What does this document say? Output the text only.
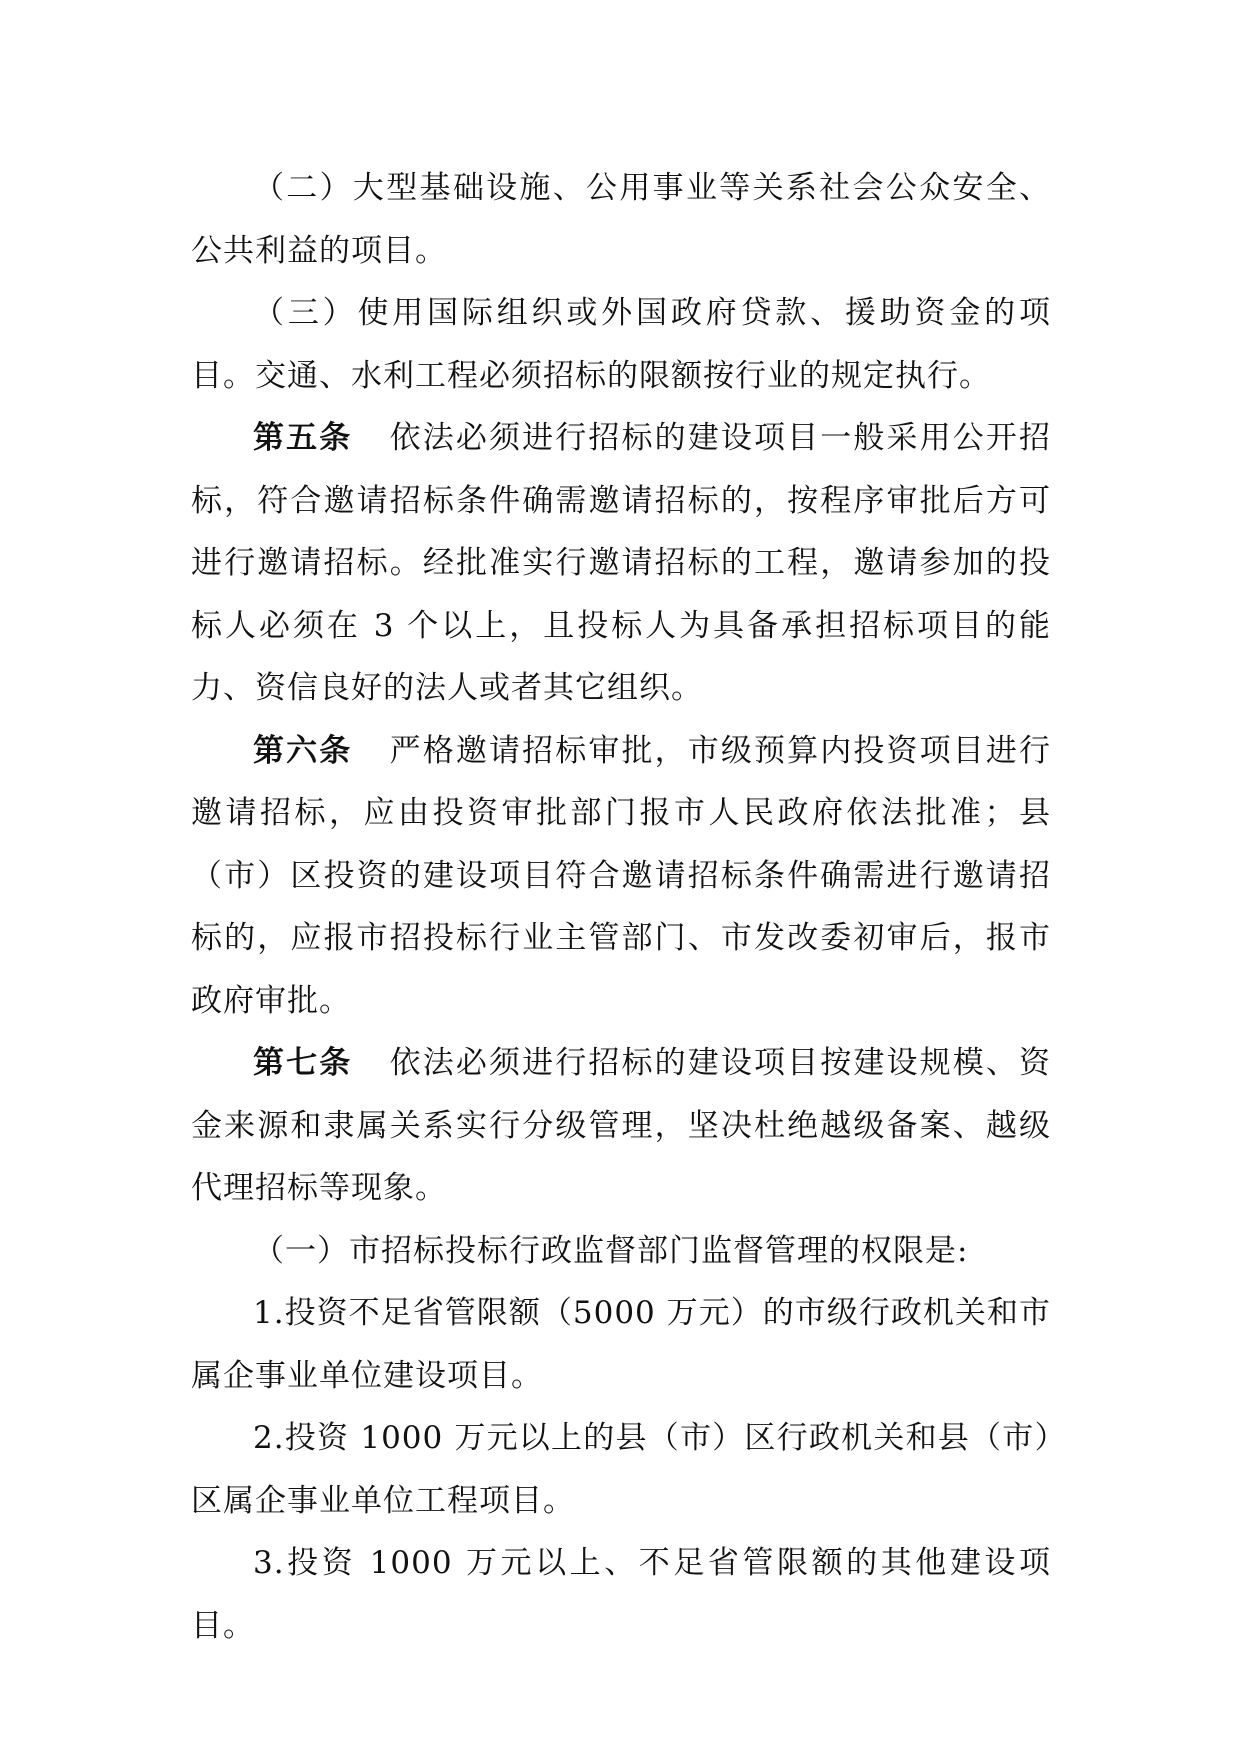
（二）大型基础设施、公用事业等关系社会公众安全、公共利益的项目。

（三）使用国际组织或外国政府贷款、援助资金的项目。交通、水利工程必须招标的限额按行业的规定执行。

第五条 依法必须进行招标的建设项目一般采用公开招标，符合邀请招标条件确需邀请招标的，按程序审批后方可进行邀请招标。经批准实行邀请招标的工程，邀请参加的投标人必须在 3 个以上，且投标人为具备承担招标项目的能力、资信良好的法人或者其它组织。

第六条 严格邀请招标审批，市级预算内投资项目进行邀请招标，应由投资审批部门报市人民政府依法批准；县（市）区投资的建设项目符合邀请招标条件确需进行邀请招标的，应报市招投标行业主管部门、市发改委初审后，报市政府审批。

第七条 依法必须进行招标的建设项目按建设规模、资金来源和隶属关系实行分级管理，坚决杜绝越级备案、越级代理招标等现象。

（一）市招标投标行政监督部门监督管理的权限是:

1.投资不足省管限额（5000 万元）的市级行政机关和市属企事业单位建设项目。

2.投资 1000 万元以上的县（市）区行政机关和县（市）区属企事业单位工程项目。

3.投资 1000 万元以上、不足省管限额的其他建设项目。
